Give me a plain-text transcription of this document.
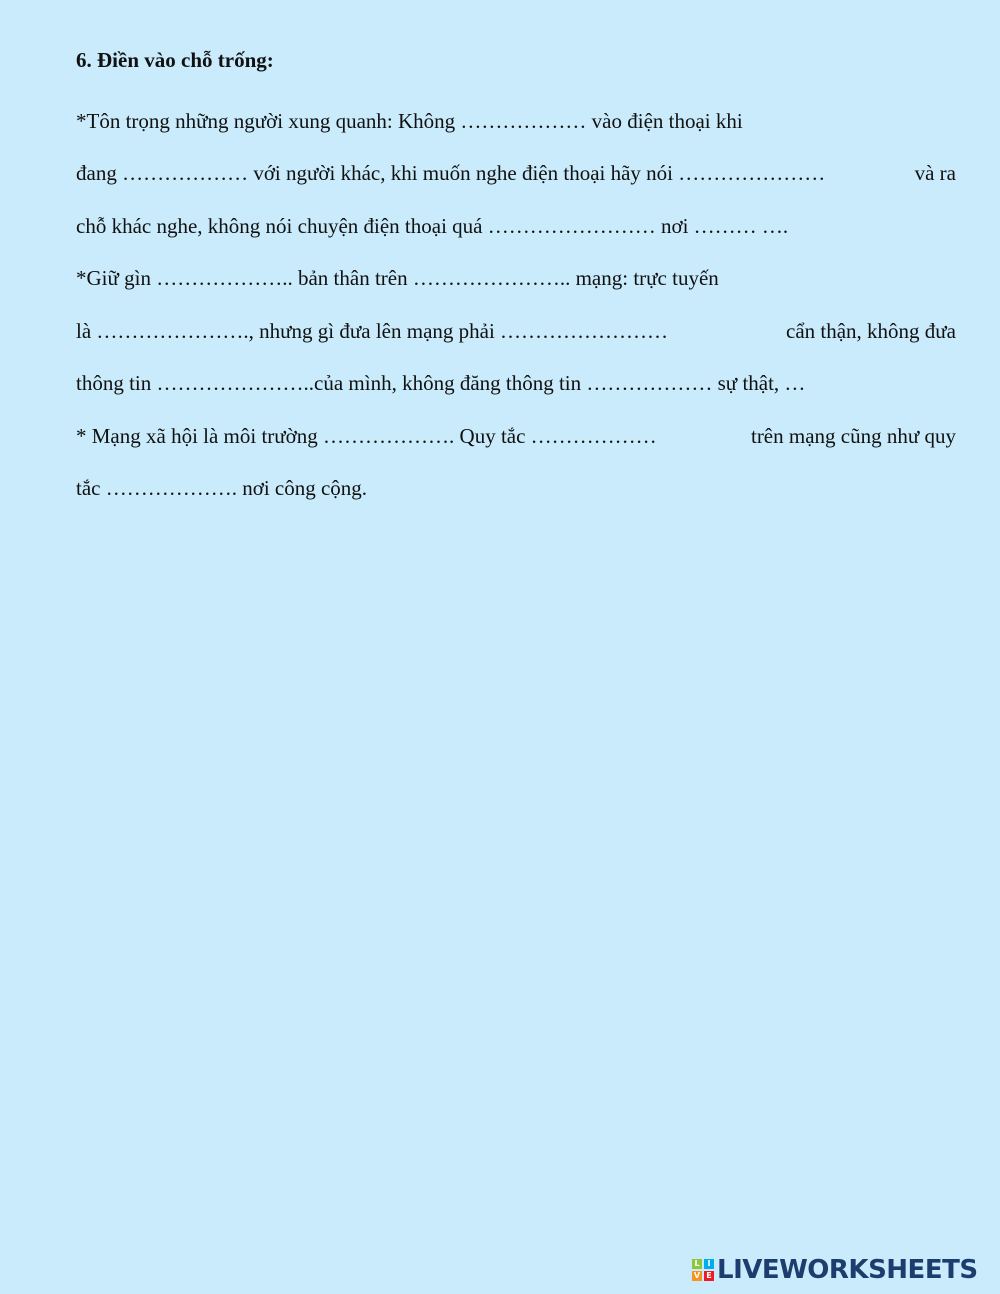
6. Điền vào chỗ trống:
*Tôn trọng những người xung quanh: Không ……………… vào điện thoại khi
đang ……………… với người khác, khi muốn nghe điện thoại hãy nói …………………	và ra
chỗ khác nghe, không nói chuyện điện thoại quá …………………… nơi ……… ….
*Giữ gìn ……………….. bản thân trên ………………….. mạng: trực tuyến
là …………………., nhưng gì đưa lên mạng phải ……………………	cẩn thận, không đưa
thông tin …………………..của mình, không đăng thông tin ……………… sự thật, …
* Mạng xã hội là môi trường ………………. Quy tắc ………………	trên mạng cũng như quy
tắc ………………. nơi công cộng.
L I
V E LIVEWORKSHEETS
